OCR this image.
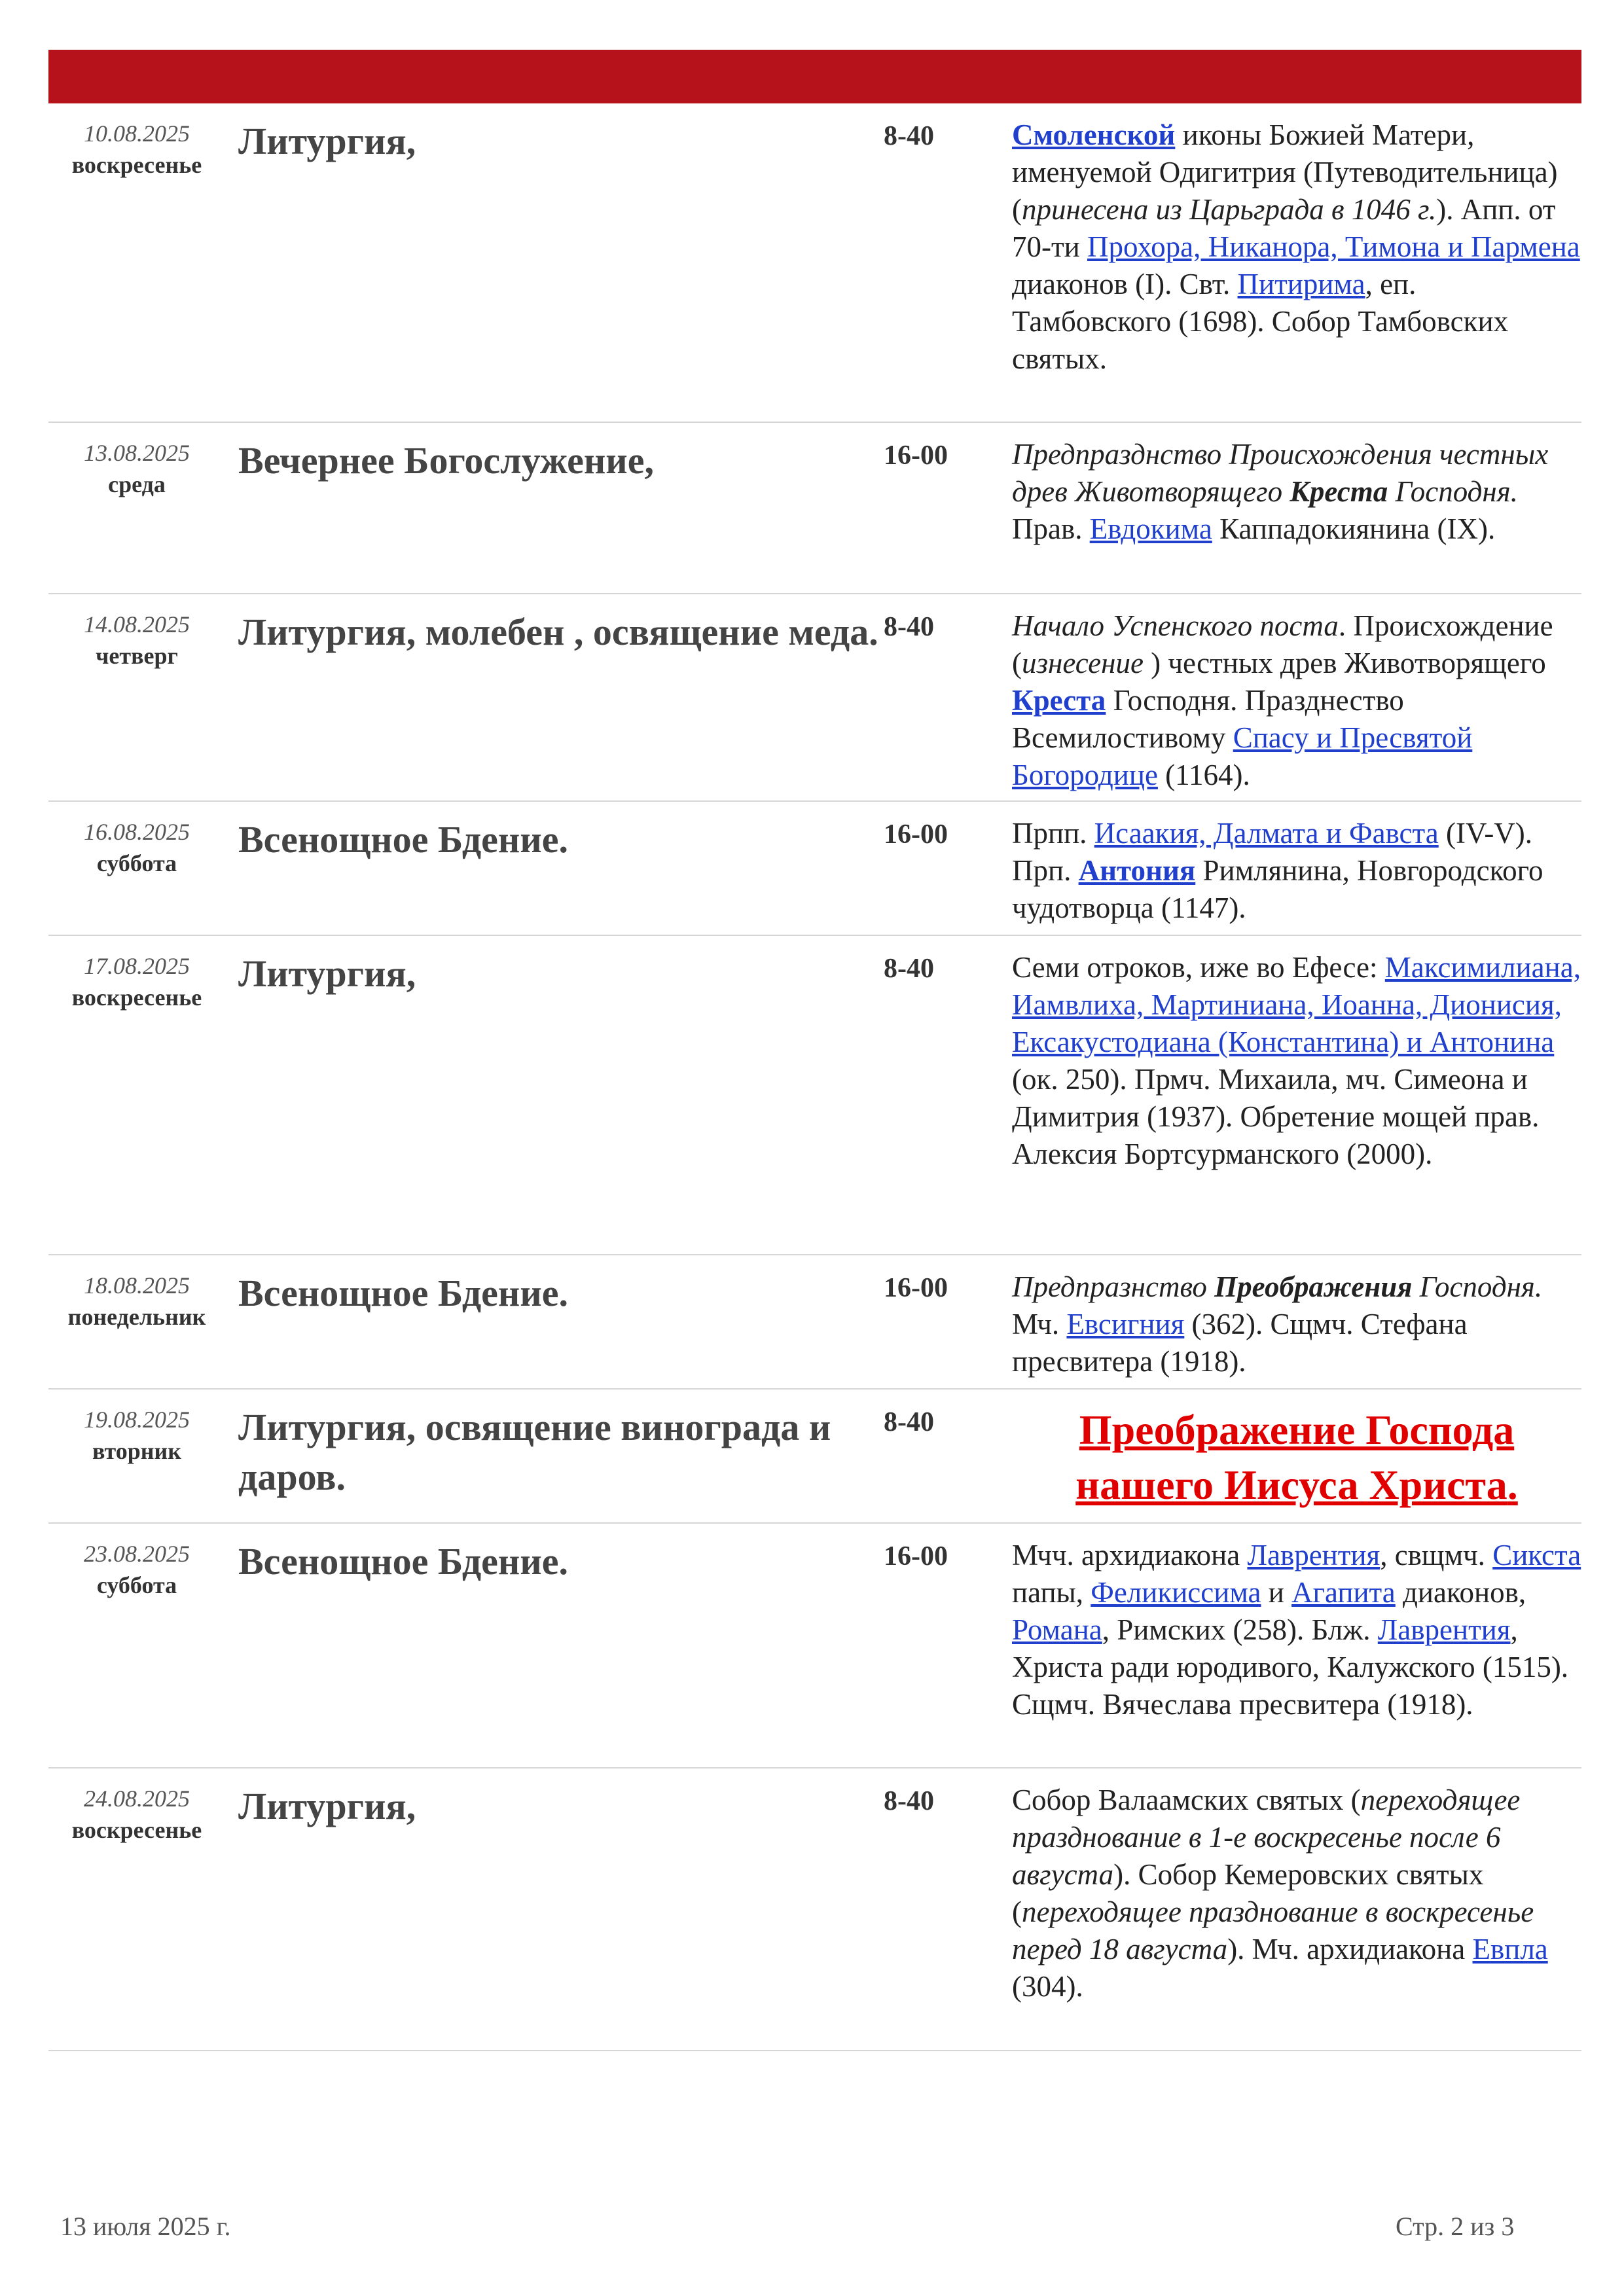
10.08.2025
воскресенье
Литургия,	8-40	Смоленской иконы Божией Матери, именуемой Одигитрия (Путеводительница) (принесена из Царьграда в 1046 г.). Апп. от 70-ти Прохора, Никанора, Тимона и Пармена диаконов (I). Свт. Питирима, еп. Тамбовского (1698). Собор Тамбовских святых.
13.08.2025
среда
Вечернее Богослужение,	16-00	Предпразднство Происхождения честных древ Животворящего Креста Господня. Прав. Евдокима Каппадокиянина (IX).
14.08.2025
четверг
Литургия, молебен , освящение меда. 8-40	Начало Успенского поста. Происхождение (изнесение ) честных древ Животворящего Креста Господня. Празднество Всемилостивому Спасу и Пресвятой Богородице (1164).
16.08.2025
суббота
Всенощное Бдение.	16-00	Прпп. Исаакия, Далмата и Фавста (IV-V). Прп. Антония Римлянина, Новгородского чудотворца (1147).
17.08.2025
воскресенье
Литургия,	8-40	Семи отроков, иже во Ефесе: Максимилиана, Иамвлиха, Мартиниана, Иоанна, Дионисия, Ексакустодиана (Константина) и Антонина (ок. 250). Прмч. Михаила, мч. Симеона и Димитрия (1937). Обретение мощей прав. Алексия Бортсурманского (2000).
18.08.2025
понедельник
Всенощное Бдение.	16-00	Предпразнство Преображения Господня. Мч. Евсигния (362). Сщмч. Стефана пресвитера (1918).
19.08.2025
вторник
Литургия, освящение винограда и даров.
8-40	Преображение Господа нашего Иисуса Христа.
23.08.2025
суббота
Всенощное Бдение.	16-00	Мчч. архидиакона Лаврентия, свщмч. Сикста папы, Феликиссима и Агапита диаконов, Романа, Римских (258). Блж. Лаврентия, Христа ради юродивого, Калужского (1515). Сщмч. Вячеслава пресвитера (1918).
24.08.2025
воскресенье
Литургия,	8-40	Собор Валаамских святых (переходящее празднование в 1-е воскресенье после 6 августа). Собор Кемеровских святых (переходящее празднование в воскресенье перед 18 августа). Мч. архидиакона Евпла (304).
13 июля 2025 г.	Стр. 2 из 3
